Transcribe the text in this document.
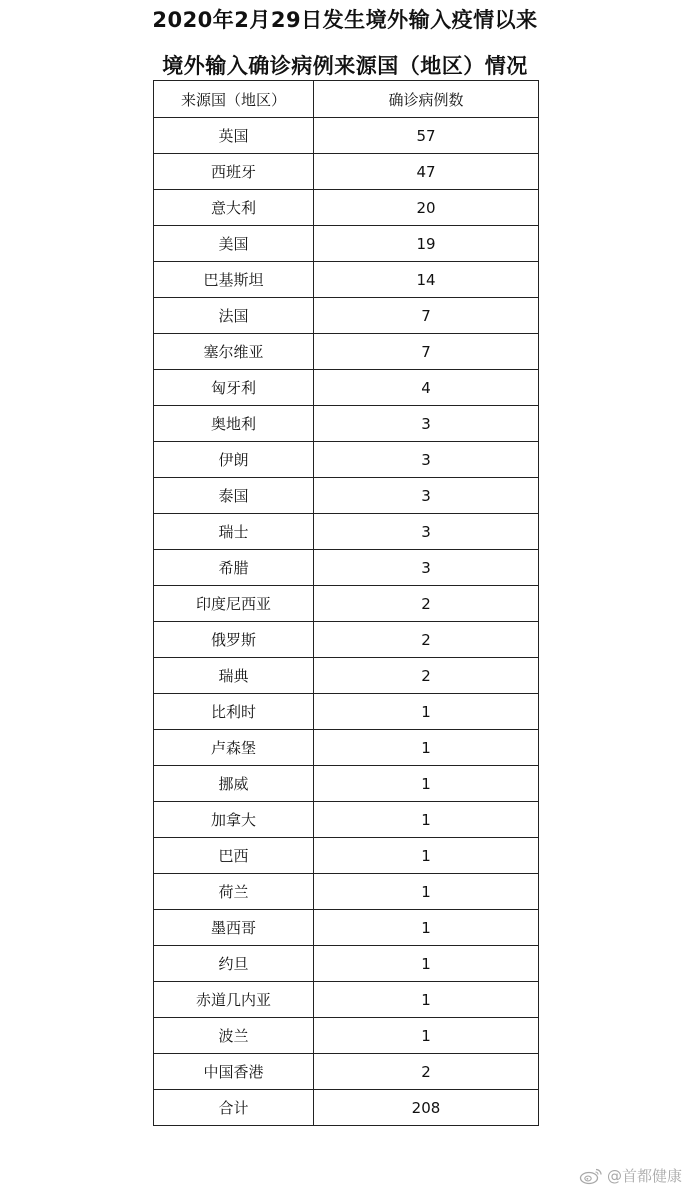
2020年2月29日发生境外输入疫情以来
境外输入确诊病例来源国（地区）情况
来源国（地区）	确诊病例数
英国	57
西班牙	47
意大利	20
美国	19
巴基斯坦	14
法国	7
塞尔维亚	7
匈牙利	4
奥地利	3
伊朗	3
泰国	3
瑞士	3
希腊	3
印度尼西亚	2
俄罗斯	2
瑞典	2
比利时	1
卢森堡	1
挪威	1
加拿大	1
巴西	1
荷兰	1
墨西哥	1
约旦	1
赤道几内亚	1
波兰	1
中国香港	2
合计	208
@首都健康
